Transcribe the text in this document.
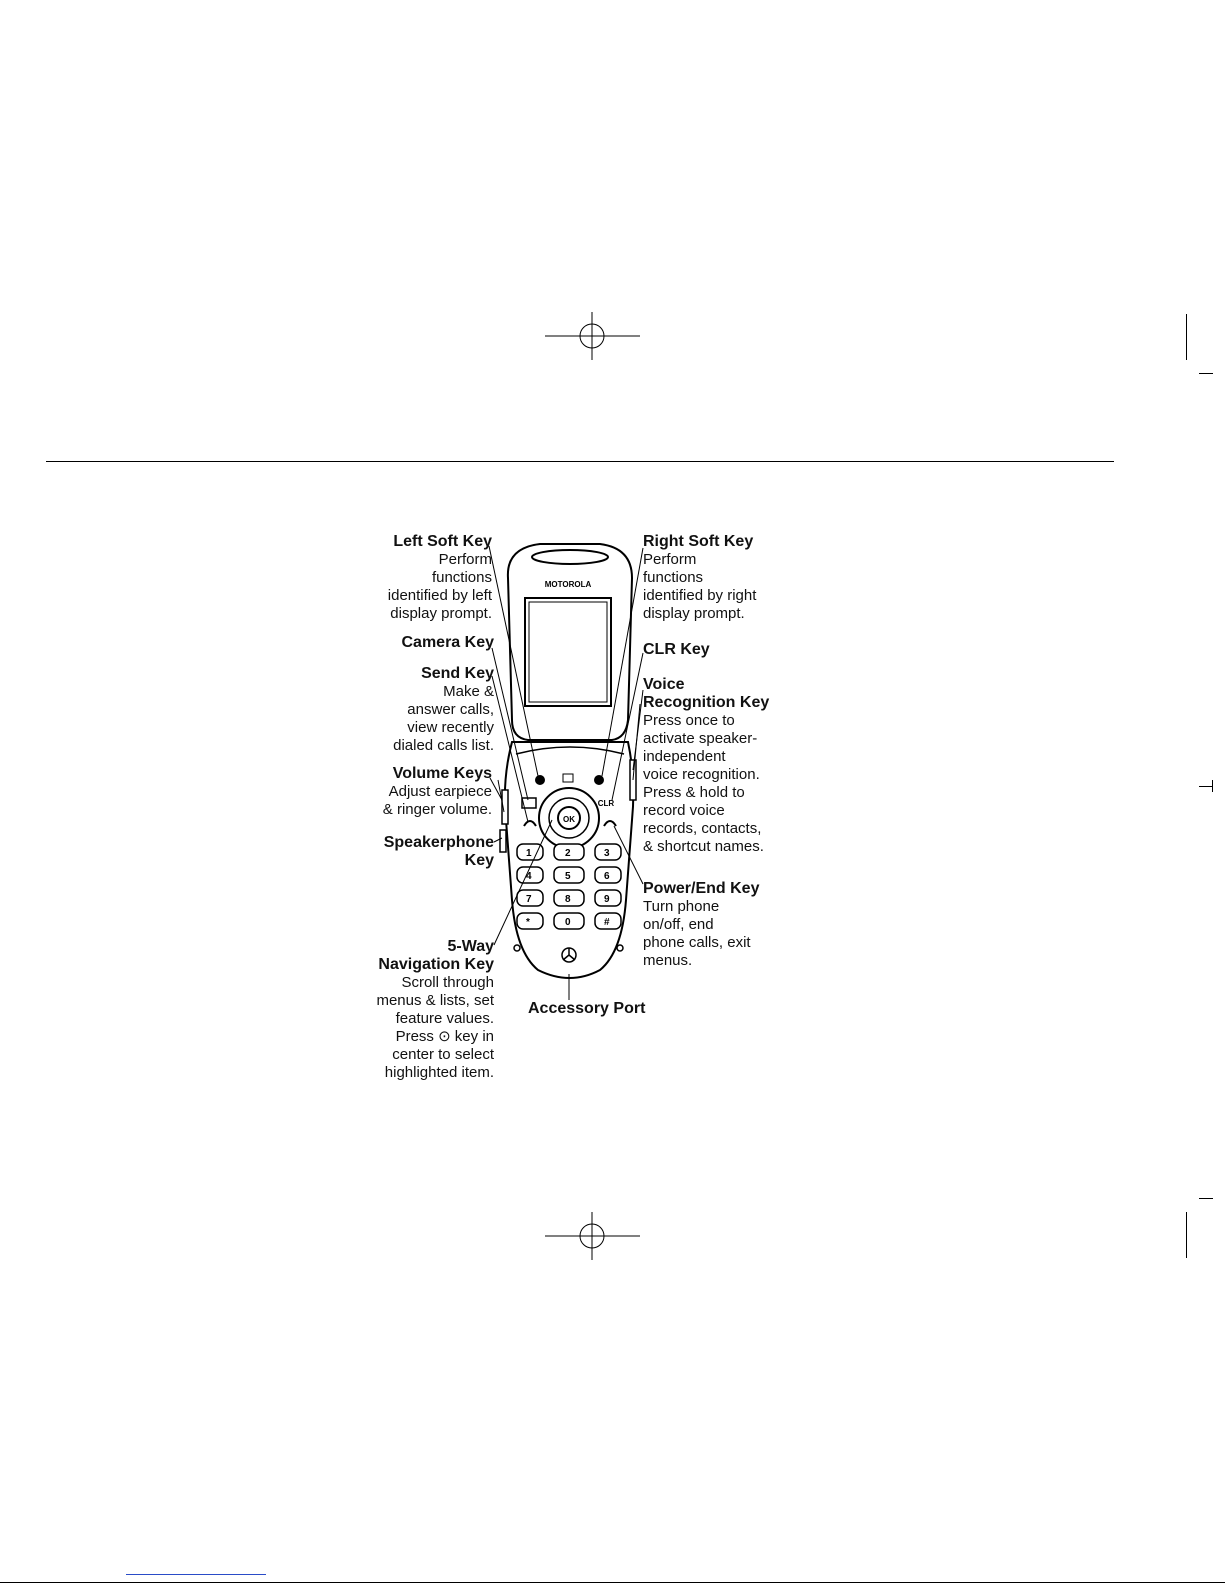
MOTOROLA
OK
CLR
1	2	3
4	5	6
7	8	9
*	0	#
Left Soft Key
Perform
functions
identified by left
display prompt.
Camera Key
Send Key
Make &
answer calls,
view recently
dialed calls list.
Volume Keys
Adjust earpiece
& ringer volume.
Speakerphone
Key
5-Way
Navigation Key
Scroll through
menus & lists, set
feature values.
Press ⊙ key in
center to select
highlighted item.
Right Soft Key
Perform
functions
identified by right
display prompt.
CLR Key
Voice
Recognition Key
Press once to
activate speaker-
independent
voice recognition.
Press & hold to
record voice
records, contacts,
& shortcut names.
Power/End Key
Turn phone
on/off, end
phone calls, exit
menus.
Accessory Port
